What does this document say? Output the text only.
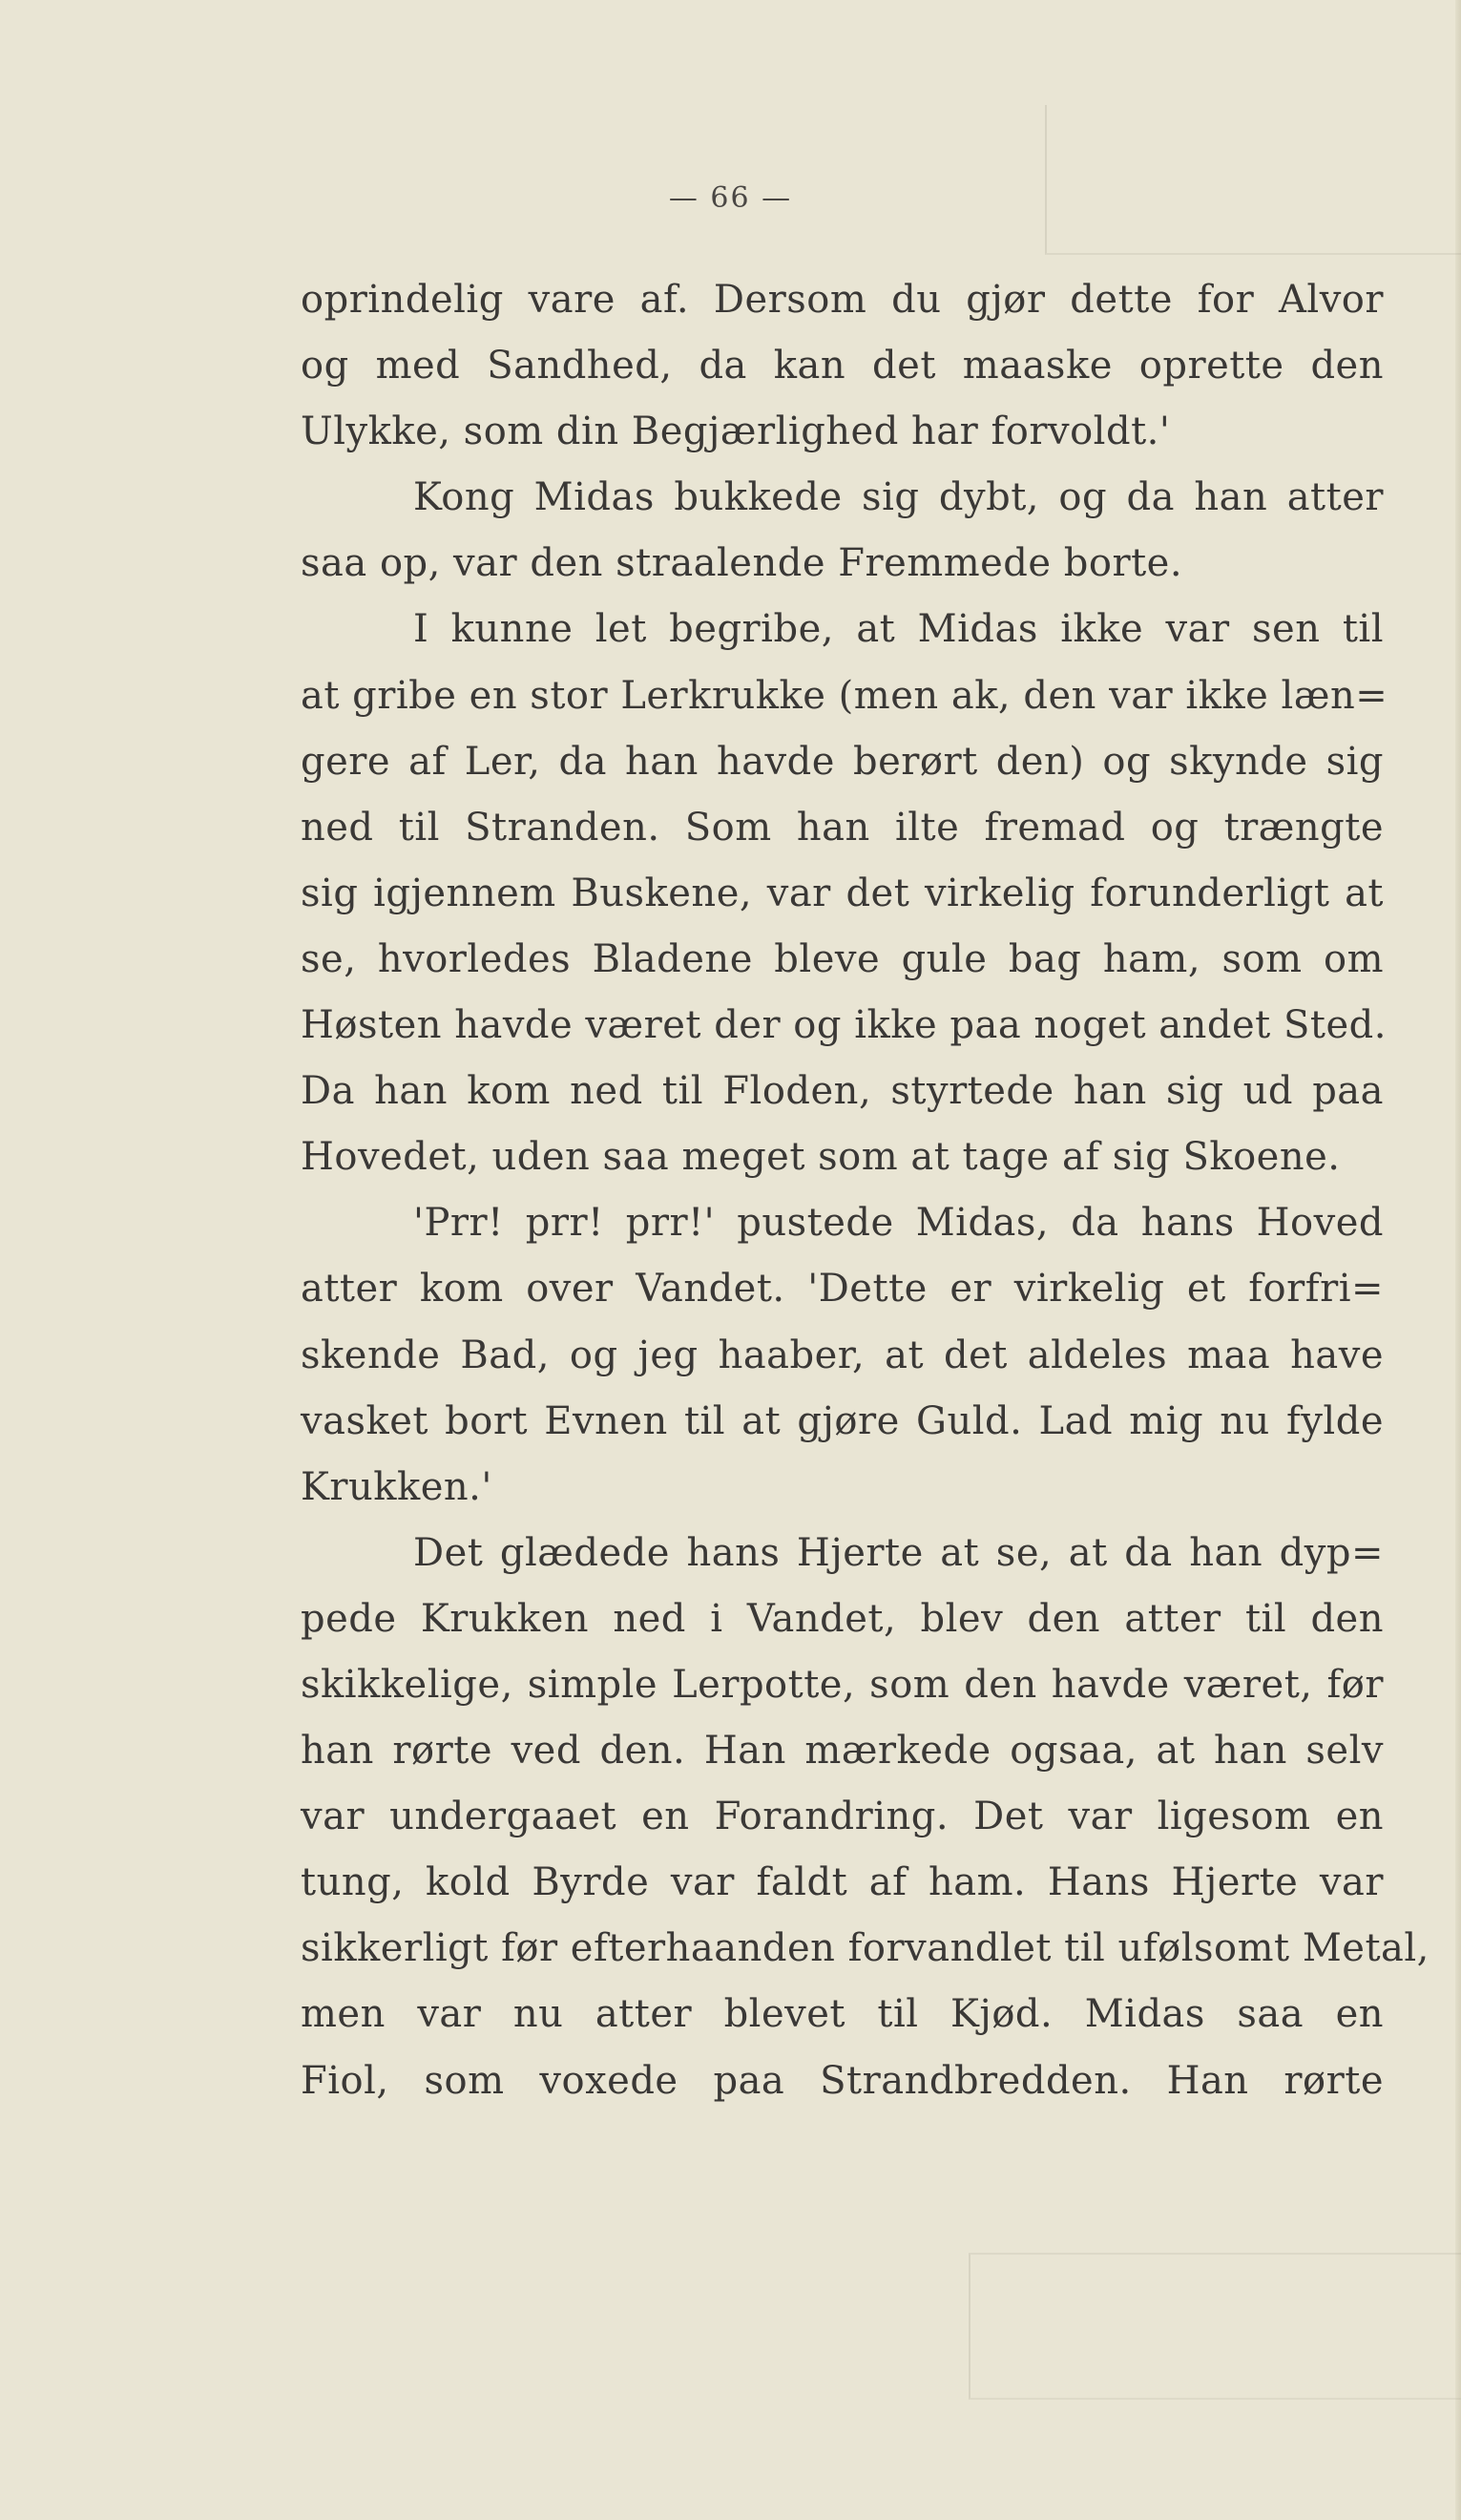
— 66 —
oprindelig vare af. Dersom du gjør dette for Alvor
og med Sandhed, da kan det maaske oprette den
Ulykke, som din Begjærlighed har forvoldt.'
Kong Midas bukkede sig dybt, og da han atter
saa op, var den straalende Fremmede borte.
I kunne let begribe, at Midas ikke var sen til
at gribe en stor Lerkrukke (men ak, den var ikke læn=
gere af Ler, da han havde berørt den) og skynde sig
ned til Stranden. Som han ilte fremad og trængte
sig igjennem Buskene, var det virkelig forunderligt at
se, hvorledes Bladene bleve gule bag ham, som om
Høsten havde været der og ikke paa noget andet Sted.
Da han kom ned til Floden, styrtede han sig ud paa
Hovedet, uden saa meget som at tage af sig Skoene.
'Prr! prr! prr!' pustede Midas, da hans Hoved
atter kom over Vandet. 'Dette er virkelig et forfri=
skende Bad, og jeg haaber, at det aldeles maa have
vasket bort Evnen til at gjøre Guld. Lad mig nu fylde
Krukken.'
Det glædede hans Hjerte at se, at da han dyp=
pede Krukken ned i Vandet, blev den atter til den
skikkelige, simple Lerpotte, som den havde været, før
han rørte ved den. Han mærkede ogsaa, at han selv
var undergaaet en Forandring. Det var ligesom en
tung, kold Byrde var faldt af ham. Hans Hjerte var
sikkerligt før efterhaanden forvandlet til ufølsomt Metal,
men var nu atter blevet til Kjød. Midas saa en
Fiol, som voxede paa Strandbredden. Han rørte
